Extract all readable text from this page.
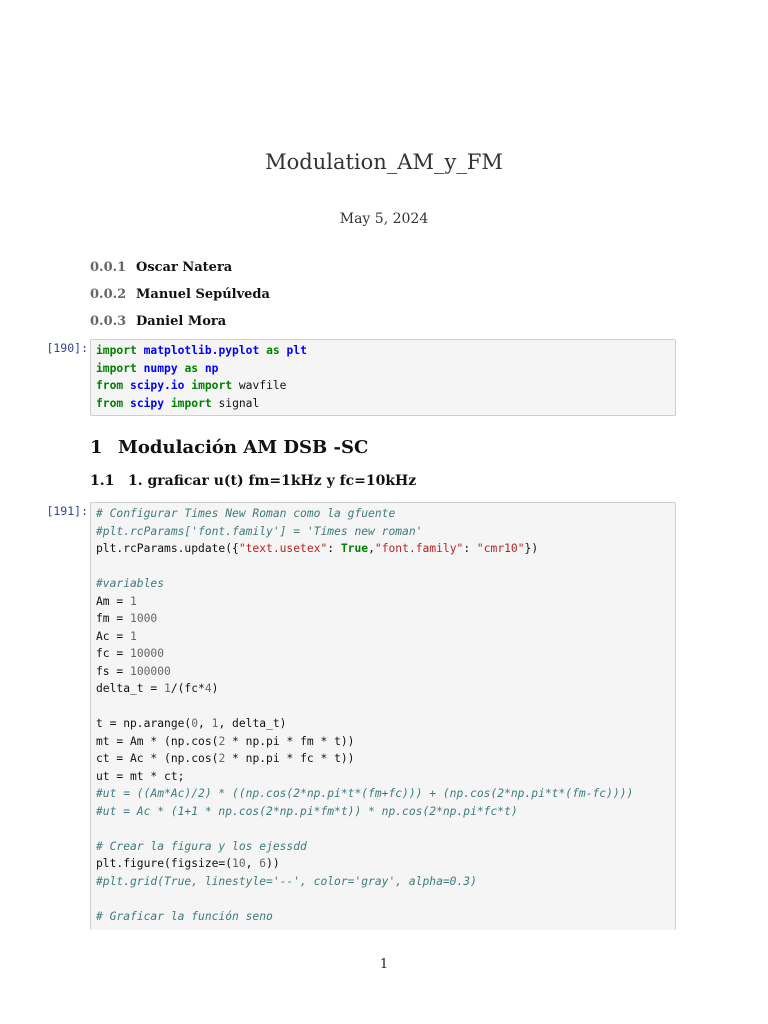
Modulation_AM_y_FM
May 5, 2024
0.0.1 Oscar Natera
0.0.2 Manuel Sepúlveda
0.0.3 Daniel Mora
[190]: import matplotlib.pyplot as plt
import numpy as np
from scipy.io import wavfile
from scipy import signal
1 Modulación AM DSB -SC
1.1 1. graficar u(t) fm=1kHz y fc=10kHz
[191]: # Configurar Times New Roman como la gfuente
#plt.rcParams['font.family'] = 'Times new roman'
plt.rcParams.update({"text.usetex": True,"font.family": "cmr10"})
#variables
Am = 1
fm = 1000
Ac = 1
fc = 10000
fs = 100000
delta_t = 1/(fc*4)
t = np.arange(0, 1, delta_t)
mt = Am * (np.cos(2 * np.pi * fm * t))
ct = Ac * (np.cos(2 * np.pi * fc * t))
ut = mt * ct;
#ut = ((Am*Ac)/2) * ((np.cos(2*np.pi*t*(fm+fc))) + (np.cos(2*np.pi*t*(fm-fc))))
#ut = Ac * (1+1 * np.cos(2*np.pi*fm*t)) * np.cos(2*np.pi*fc*t)
# Crear la figura y los ejessdd
plt.figure(figsize=(10, 6))
#plt.grid(True, linestyle='--', color='gray', alpha=0.3)
# Graficar la función seno
1
